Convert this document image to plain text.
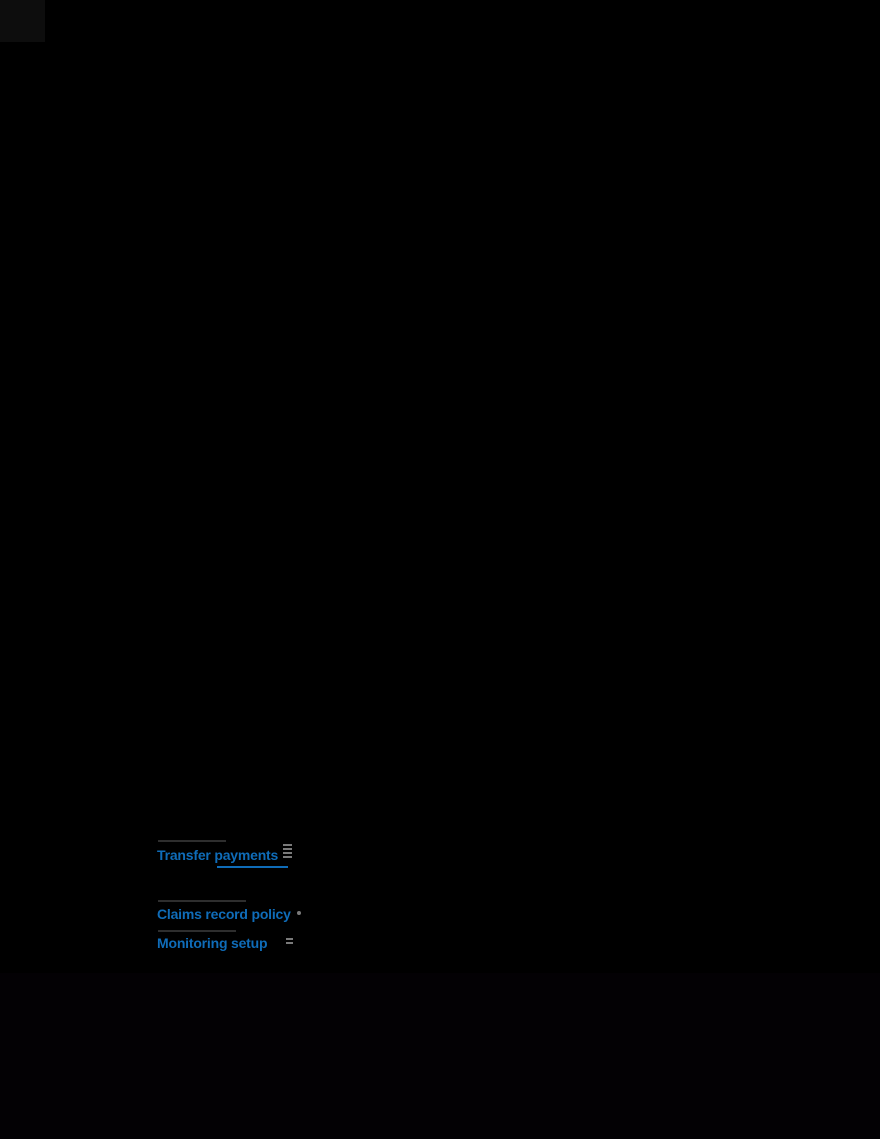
Transfer payments
Claims record policy
Monitoring setup
